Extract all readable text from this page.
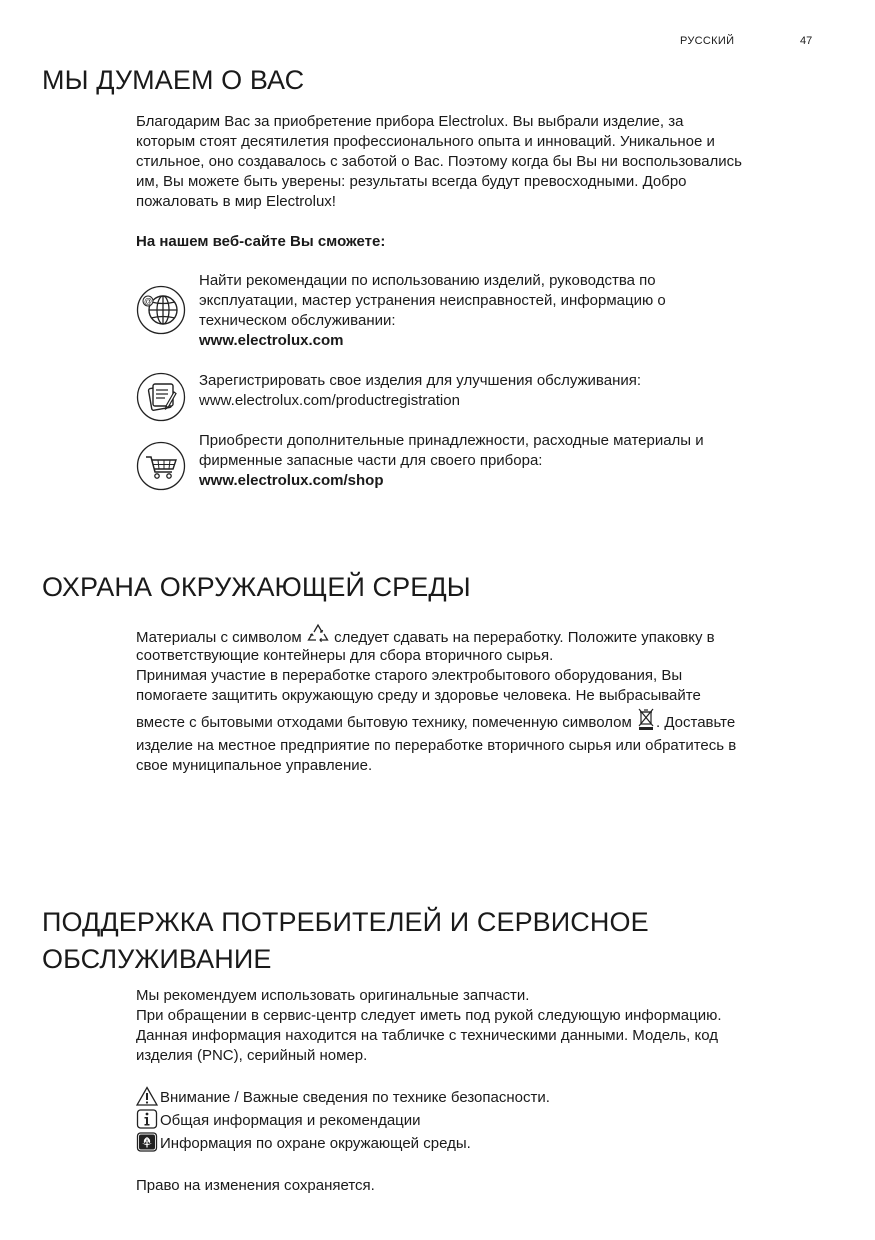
РУССКИЙ	47
МЫ ДУМАЕМ О ВАС

Благодарим Вас за приобретение прибора Electrolux. Вы выбрали изделие, за

которым стоят десятилетия профессионального опыта и инноваций. Уникальное и

стильное, оно создавалось с заботой о Вас. Поэтому когда бы Вы ни воспользовались

им, Вы можете быть уверены: результаты всегда будут превосходными. Добро

пожаловать в мир Electrolux!

На нашем веб-сайте Вы сможете:
@
Найти рекомендации по использованию изделий, руководства по
эксплуатации, мастер устранения неисправностей, информацию о
техническом обслуживании:
www.electrolux.com
Зарегистрировать свое изделия для улучшения обслуживания:
www.electrolux.com/productregistration
Приобрести дополнительные принадлежности, расходные материалы и
фирменные запасные части для своего прибора:
www.electrolux.com/shop
ОХРАНА ОКРУЖАЮЩЕЙ СРЕДЫ
Материалы с символом следует сдавать на переработку. Положите упаковку в

соответствующие контейнеры для сбора вторичного сырья.

Принимая участие в переработке старого электробытового оборудования, Вы

помогаете защитить окружающую среду и здоровье человека. Не выбрасывайте

вместе с бытовыми отходами бытовую технику, помеченную символом . Доставьте

изделие на местное предприятие по переработке вторичного сырья или обратитесь в

свое муниципальное управление.

ПОДДЕРЖКА ПОТРЕБИТЕЛЕЙ И СЕРВИСНОЕ
ОБСЛУЖИВАНИЕ

Мы рекомендуем использовать оригинальные запчасти.

При обращении в сервис-центр следует иметь под рукой следующую информацию.

Данная информация находится на табличке с техническими данными. Модель, код

изделия (PNC), серийный номер.

Внимание / Важные сведения по технике безопасности.
Общая информация и рекомендации
Информация по охране окружающей среды.
Право на изменения сохраняется.
